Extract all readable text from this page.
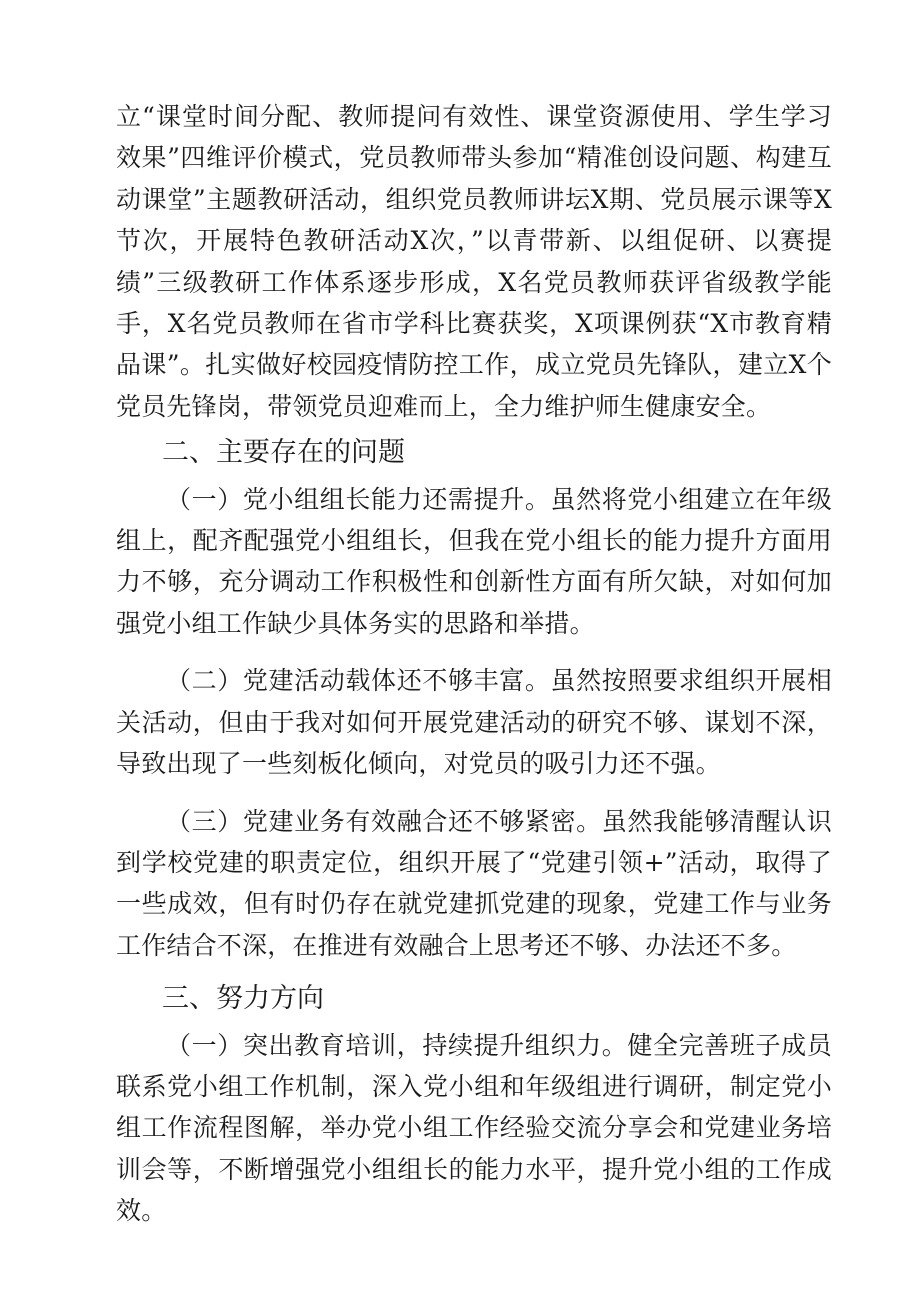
立“课堂时间分配、教师提问有效性、课堂资源使用、学生学习效果”四维评价模式，党员教师带头参加“精准创设问题、构建互动课堂”主题教研活动，组织党员教师讲坛X期、党员展示课等X节次，开展特色教研活动X次，”以青带新、以组促研、以赛提绩”三级教研工作体系逐步形成，X名党员教师获评省级教学能手，X名党员教师在省市学科比赛获奖，X项课例获“X市教育精品课”。扎实做好校园疫情防控工作，成立党员先锋队，建立X个党员先锋岗，带领党员迎难而上，全力维护师生健康安全。

二、主要存在的问题

（一）党小组组长能力还需提升。虽然将党小组建立在年级组上，配齐配强党小组组长，但我在党小组长的能力提升方面用力不够，充分调动工作积极性和创新性方面有所欠缺，对如何加强党小组工作缺少具体务实的思路和举措。

（二）党建活动载体还不够丰富。虽然按照要求组织开展相关活动，但由于我对如何开展党建活动的研究不够、谋划不深，导致出现了一些刻板化倾向，对党员的吸引力还不强。

（三）党建业务有效融合还不够紧密。虽然我能够清醒认识到学校党建的职责定位，组织开展了“党建引领+”活动，取得了一些成效，但有时仍存在就党建抓党建的现象，党建工作与业务工作结合不深，在推进有效融合上思考还不够、办法还不多。

三、努力方向

（一）突出教育培训，持续提升组织力。健全完善班子成员联系党小组工作机制，深入党小组和年级组进行调研，制定党小组工作流程图解，举办党小组工作经验交流分享会和党建业务培训会等，不断增强党小组组长的能力水平，提升党小组的工作成效。
